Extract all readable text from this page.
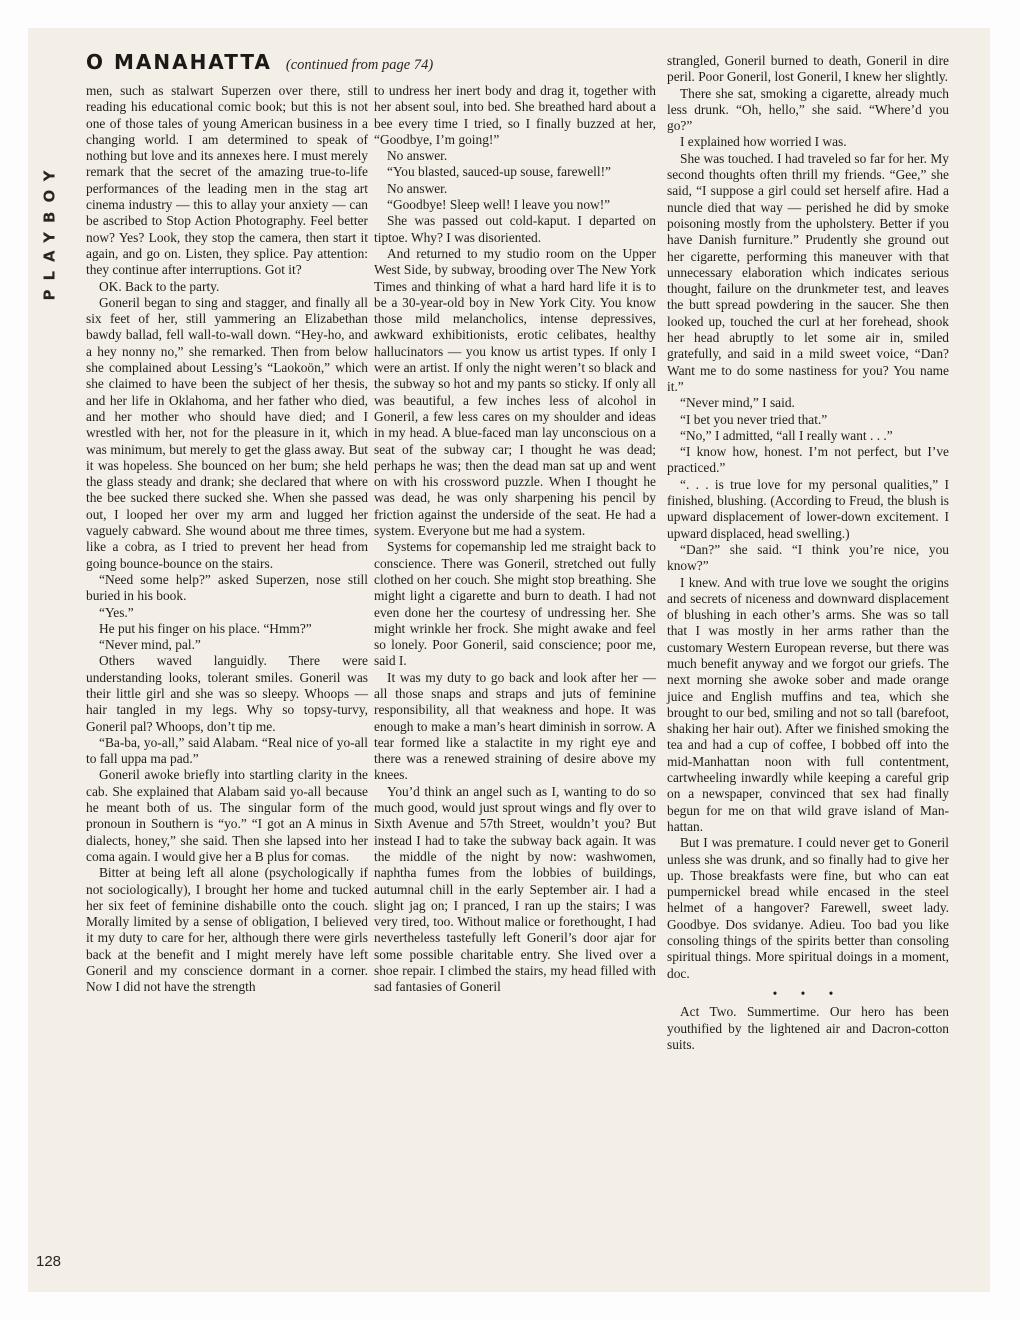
PLAYBOY
O MANAHATTA (continued from page 74)

men, such as stalwart Superzen over there, still reading his educational comic book; but this is not one of those tales of young American business in a changing world. I am determined to speak of nothing but love and its annexes here. I must merely remark that the secret of the amazing true-to-life performances of the leading men in the stag art cinema industry — this to allay your anxiety — can be ascribed to Stop Action Photography. Feel better now? Yes? Look, they stop the camera, then start it again, and go on. Listen, they splice. Pay attention: they continue after interruptions. Got it?

OK. Back to the party.

Goneril began to sing and stagger, and finally all six feet of her, still yammering an Elizabethan bawdy ballad, fell wall-to-wall down. “Hey-ho, and a hey nonny no,” she remarked. Then from below she complained about Lessing’s “Laokoön,” which she claimed to have been the subject of her thesis, and her life in Oklahoma, and her father who died, and her mother who should have died; and I wrestled with her, not for the pleasure in it, which was minimum, but merely to get the glass away. But it was hopeless. She bounced on her bum; she held the glass steady and drank; she declared that where the bee sucked there sucked she. When she passed out, I looped her over my arm and lugged her vaguely cabward. She wound about me three times, like a cobra, as I tried to prevent her head from going bounce-bounce on the stairs.

“Need some help?” asked Superzen, nose still buried in his book.

“Yes.”

He put his finger on his place. “Hmm?”

“Never mind, pal.”

Others waved languidly. There were understanding looks, tolerant smiles. Goneril was their little girl and she was so sleepy. Whoops — hair tangled in my legs. Why so topsy-turvy, Goneril pal? Whoops, don’t tip me.

“Ba-ba, yo-all,” said Alabam. “Real nice of yo-all to fall uppa ma pad.”

Goneril awoke briefly into startling clarity in the cab. She explained that Alabam said yo-all because he meant both of us. The singular form of the pronoun in Southern is “yo.” “I got an A minus in dialects, honey,” she said. Then she lapsed into her coma again. I would give her a B plus for comas.

Bitter at being left all alone (psychologically if not sociologically), I brought her home and tucked her six feet of feminine dishabille onto the couch. Morally limited by a sense of obligation, I believed it my duty to care for her, although there were girls back at the benefit and I might merely have left Goneril and my conscience dormant in a corner. Now I did not have the strength

to undress her inert body and drag it, together with her absent soul, into bed. She breathed hard about a bee every time I tried, so I finally buzzed at her, “Goodbye, I’m going!”

No answer.

“You blasted, sauced-up souse, farewell!”

No answer.

“Goodbye! Sleep well! I leave you now!”

She was passed out cold-kaput. I departed on tiptoe. Why? I was disoriented.

And returned to my studio room on the Upper West Side, by subway, brooding over The New York Times and thinking of what a hard hard life it is to be a 30-year-old boy in New York City. You know those mild melancholics, intense depressives, awkward exhibitionists, erotic celibates, healthy hallucinators — you know us artist types. If only I were an artist. If only the night weren’t so black and the subway so hot and my pants so sticky. If only all was beautiful, a few inches less of alcohol in Goneril, a few less cares on my shoulder and ideas in my head. A blue-faced man lay unconscious on a seat of the subway car; I thought he was dead; perhaps he was; then the dead man sat up and went on with his crossword puzzle. When I thought he was dead, he was only sharpening his pencil by friction against the underside of the seat. He had a system. Everyone but me had a system.

Systems for copemanship led me straight back to conscience. There was Goneril, stretched out fully clothed on her couch. She might stop breathing. She might light a cigarette and burn to death. I had not even done her the courtesy of undressing her. She might wrinkle her frock. She might awake and feel so lonely. Poor Goneril, said conscience; poor me, said I.

It was my duty to go back and look after her — all those snaps and straps and juts of feminine responsibility, all that weakness and hope. It was enough to make a man’s heart diminish in sorrow. A tear formed like a stalactite in my right eye and there was a renewed straining of desire above my knees.

You’d think an angel such as I, wanting to do so much good, would just sprout wings and fly over to Sixth Avenue and 57th Street, wouldn’t you? But instead I had to take the subway back again. It was the middle of the night by now: washwomen, naphtha fumes from the lobbies of buildings, autumnal chill in the early September air. I had a slight jag on; I pranced, I ran up the stairs; I was very tired, too. Without malice or forethought, I had nevertheless tastefully left Goneril’s door ajar for some possible charitable entry. She lived over a shoe repair. I climbed the stairs, my head filled with sad fantasies of Goneril

strangled, Goneril burned to death, Goneril in dire peril. Poor Goneril, lost Goneril, I knew her slightly.

There she sat, smoking a cigarette, already much less drunk. “Oh, hello,” she said. “Where’d you go?”

I explained how worried I was.

She was touched. I had traveled so far for her. My second thoughts often thrill my friends. “Gee,” she said, “I suppose a girl could set herself afire. Had a nuncle died that way — perished he did by smoke poisoning mostly from the upholstery. Better if you have Danish furniture.” Prudently she ground out her cigarette, performing this maneuver with that unnecessary elaboration which indicates serious thought, failure on the drunkmeter test, and leaves the butt spread powdering in the saucer. She then looked up, touched the curl at her forehead, shook her head abruptly to let some air in, smiled gratefully, and said in a mild sweet voice, “Dan? Want me to do some nastiness for you? You name it.”

“Never mind,” I said.

“I bet you never tried that.”

“No,” I admitted, “all I really want . . .”

“I know how, honest. I’m not perfect, but I’ve practiced.”

“. . . is true love for my personal qualities,” I finished, blushing. (According to Freud, the blush is upward displacement of lower-down excitement. I upward displaced, head swelling.)

“Dan?” she said. “I think you’re nice, you know?”

I knew. And with true love we sought the origins and secrets of niceness and downward displacement of blushing in each other’s arms. She was so tall that I was mostly in her arms rather than the customary Western European reverse, but there was much benefit anyway and we forgot our griefs. The next morning she awoke sober and made orange juice and English muffins and tea, which she brought to our bed, smiling and not so tall (barefoot, shaking her hair out). After we finished smoking the tea and had a cup of coffee, I bobbed off into the mid-Manhattan noon with full contentment, cartwheeling inwardly while keeping a careful grip on a newspaper, convinced that sex had finally begun for me on that wild grave island of Manhattan.

But I was premature. I could never get to Goneril unless she was drunk, and so finally had to give her up. Those breakfasts were fine, but who can eat pumpernickel bread while encased in the steel helmet of a hangover? Farewell, sweet lady. Goodbye. Dos svidanye. Adieu. Too bad you like consoling things of the spirits better than consoling spiritual things. More spiritual doings in a moment, doc.

• • •

Act Two. Summertime. Our hero has been youthified by the lightened air and Dacron-cotton suits.

128
